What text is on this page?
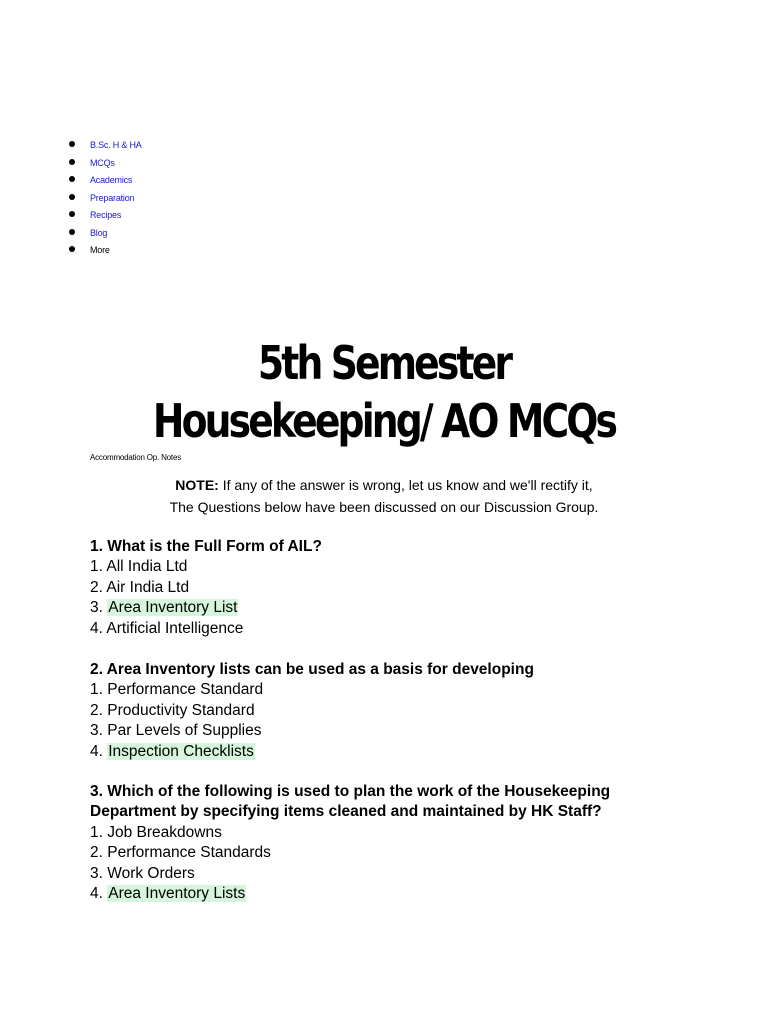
B.Sc. H & HA
MCQs
Academics
Preparation
Recipes
Blog
More
5th Semester
Housekeeping/ AO MCQs
Accommodation Op. Notes
NOTE: If any of the answer is wrong, let us know and we'll rectify it,
The Questions below have been discussed on our Discussion Group.
1. What is the Full Form of AIL?
1. All India Ltd
2. Air India Ltd
3. Area Inventory List
4. Artificial Intelligence
2. Area Inventory lists can be used as a basis for developing
1. Performance Standard
2. Productivity Standard
3. Par Levels of Supplies
4. Inspection Checklists
3. Which of the following is used to plan the work of the Housekeeping Department by specifying items cleaned and maintained by HK Staff?
1. Job Breakdowns
2. Performance Standards
3. Work Orders
4. Area Inventory Lists
